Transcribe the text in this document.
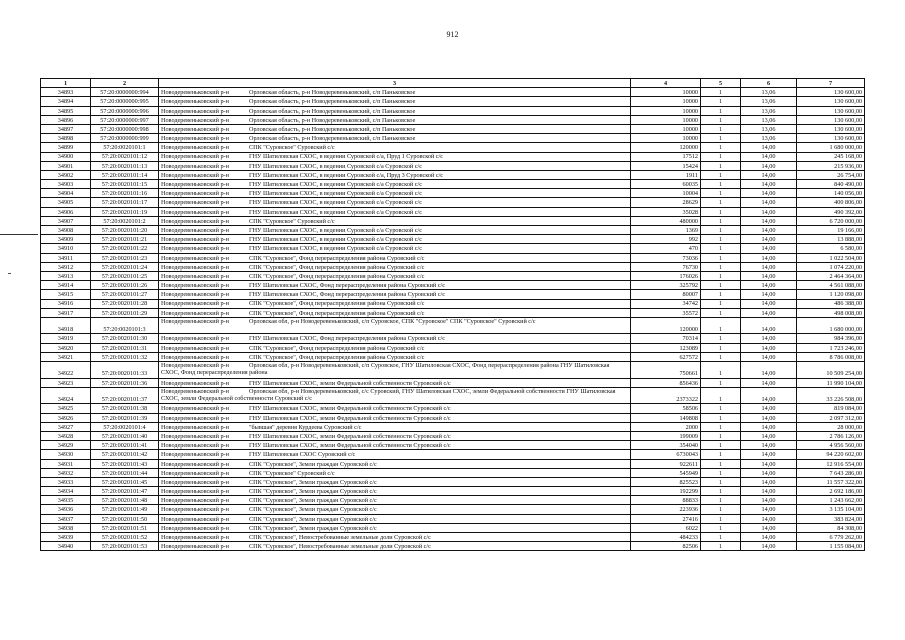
912
1	2	3	4	5	6	7
34893	57:20:0000000:994	Новодеревеньковский р-н Орловская область, р-н Новодеревеньковский, с/п Паньковское	10000	1	13,06	130 600,00
34894	57:20:0000000:995	Новодеревеньковский р-н Орловская область, р-н Новодеревеньковский, с/п Паньковское	10000	1	13,06	130 600,00
34895	57:20:0000000:996	Новодеревеньковский р-н Орловская область, р-н Новодеревеньковский, с/п Паньковское	10000	1	13,06	130 600,00
34896	57:20:0000000:997	Новодеревеньковский р-н Орловская область, р-н Новодеревеньковский, с/п Паньковское	10000	1	13,06	130 600,00
34897	57:20:0000000:998	Новодеревеньковский р-н Орловская область, р-н Новодеревеньковский, с/п Паньковское	10000	1	13,06	130 600,00
34898	57:20:0000000:999	Новодеревеньковский р-н Орловская область, р-н Новодеревеньковский, с/п Паньковское	10000	1	13,06	130 600,00
34899	57:20:0020101:1	Новодеревеньковский р-н СПК "Суровское" Суровский с/с	120000	1	14,00	1 680 000,00
34900	57:20:0020101:12	Новодеревеньковский р-н ГНУ Шатиловская СХОС, в ведении Суровской с/а, Пруд 1 Суровской с/с	17512	1	14,00	245 168,00
34901	57:20:0020101:13	Новодеревеньковский р-н ГНУ Шатиловская СХОС, в ведении Суровской с/а Суровской с/с	15424	1	14,00	215 936,00
34902	57:20:0020101:14	Новодеревеньковский р-н ГНУ Шатиловская СХОС, в ведении Суровской с/а, Пруд 3 Суровской с/с	1911	1	14,00	26 754,00
34903	57:20:0020101:15	Новодеревеньковский р-н ГНУ Шатиловская СХОС, в ведении Суровской с/а Суровской с/с	60035	1	14,00	840 490,00
34904	57:20:0020101:16	Новодеревеньковский р-н ГНУ Шатиловская СХОС, в ведении Суровской с/а Суровской с/с	10004	1	14,00	140 056,00
34905	57:20:0020101:17	Новодеревеньковский р-н ГНУ Шатиловская СХОС, в ведении Суровской с/а Суровской с/с	28629	1	14,00	400 806,00
34906	57:20:0020101:19	Новодеревеньковский р-н ГНУ Шатиловская СХОС, в ведении Суровской с/а Суровской с/с	35028	1	14,00	490 392,00
34907	57:20:0020101:2	Новодеревеньковский р-н СПК "Суровское" Суровский с/с	480000	1	14,00	6 720 000,00
34908	57:20:0020101:20	Новодеревеньковский р-н ГНУ Шатиловская СХОС, в ведении Суровской с/а Суровской с/с	1369	1	14,00	19 166,00
34909	57:20:0020101:21	Новодеревеньковский р-н ГНУ Шатиловская СХОС, в ведении Суровской с/а Суровской с/с	992	1	14,00	13 888,00
34910	57:20:0020101:22	Новодеревеньковский р-н ГНУ Шатиловская СХОС, в ведении Суровской с/а Суровской с/с	470	1	14,00	6 580,00
34911	57:20:0020101:23	Новодеревеньковский р-н СПК "Суровское", Фонд перераспределения района Суровский с/с	73036	1	14,00	1 022 504,00
34912	57:20:0020101:24	Новодеревеньковский р-н СПК "Суровское", Фонд перераспределения района Суровский с/с	76730	1	14,00	1 074 220,00
34913	57:20:0020101:25	Новодеревеньковский р-н СПК "Суровское", Фонд перераспределения района Суровский с/с	176026	1	14,00	2 464 364,00
34914	57:20:0020101:26	Новодеревеньковский р-н ГНУ Шатиловская СХОС, Фонд перераспределения района Суровский с/с	325792	1	14,00	4 561 088,00
34915	57:20:0020101:27	Новодеревеньковский р-н ГНУ Шатиловская СХОС, Фонд перераспределения района Суровский с/с	80007	1	14,00	1 120 098,00
34916	57:20:0020101:28	Новодеревеньковский р-н СПК "Суровское", Фонд перераспределения района Суровский с/с	34742	1	14,00	486 388,00
34917	57:20:0020101:29	Новодеревеньковский р-н СПК "Суровское", Фонд перераспределения района Суровский с/с	35572	1	14,00	498 008,00
34918	57:20:0020101:3	Новодеревеньковский р-н Орловская обл, р-н Новодеревеньковский, с/п Суровское, СПК "Суровское" СПК "Суровское" Суровский с/с	120000	1	14,00	1 680 000,00
34919	57:20:0020101:30	Новодеревеньковский р-н ГНУ Шатиловская СХОС, Фонд перераспределения района Суровский с/с	70314	1	14,00	984 396,00
34920	57:20:0020101:31	Новодеревеньковский р-н СПК "Суровское", Фонд перераспределения района Суровский с/с	123089	1	14,00	1 723 246,00
34921	57:20:0020101:32	Новодеревеньковский р-н СПК "Суровское", Фонд перераспределения района Суровский с/с	627572	1	14,00	8 786 008,00
34922	57:20:0020101:33	Новодеревеньковский р-н Орловская обл, р-н Новодеревеньковский, с/п Суровское, ГНУ Шатиловская СХОС, Фонд перераспределения района ГНУ Шатиловская СХОС, Фонд перераспределения района	750661	1	14,00	10 509 254,00
34923	57:20:0020101:36	Новодеревеньковский р-н ГНУ Шатиловская СХОС, земли Федеральной собственности Суровский с/с	856436	1	14,00	11 990 104,00
34924	57:20:0020101:37	Новодеревеньковский р-н Орловская обл, р-н Новодеревеньковский, с/с Суровский, ГНУ Шатиловская СХОС, земли Федеральной собственности ГНУ Шатиловская СХОС, земли Федеральной собственности Суровский с/с	2373322	1	14,00	33 226 508,00
34925	57:20:0020101:38	Новодеревеньковский р-н ГНУ Шатиловская СХОС, земли Федеральной собственности Суровский с/с	58506	1	14,00	819 084,00
34926	57:20:0020101:39	Новодеревеньковский р-н ГНУ Шатиловская СХОС, земли Федеральной собственности Суровский с/с	149808	1	14,00	2 097 312,00
34927	57:20:0020101:4	Новодеревеньковский р-н "бывшая" деревня Курдеева Суровский с/с	2000	1	14,00	28 000,00
34928	57:20:0020101:40	Новодеревеньковский р-н ГНУ Шатиловская СХОС, земли Федеральной собственности Суровский с/с	199009	1	14,00	2 786 126,00
34929	57:20:0020101:41	Новодеревеньковский р-н ГНУ Шатиловская СХОС, земли Федеральной собственности Суровский с/с	354040	1	14,00	4 956 560,00
34930	57:20:0020101:42	Новодеревеньковский р-н ГНУ Шатиловская СХОС Суровский с/с	6730043	1	14,00	94 220 602,00
34931	57:20:0020101:43	Новодеревеньковский р-н СПК "Суровское", Земли граждан Суровской с/с	922611	1	14,00	12 916 554,00
34932	57:20:0020101:44	Новодеревеньковский р-н СПК "Суровское" Суровский с/с	545949	1	14,00	7 643 286,00
34933	57:20:0020101:45	Новодеревеньковский р-н СПК "Суровское", Земли граждан Суровской с/с	825523	1	14,00	11 557 322,00
34934	57:20:0020101:47	Новодеревеньковский р-н СПК "Суровское", Земли граждан Суровской с/с	192299	1	14,00	2 692 186,00
34935	57:20:0020101:48	Новодеревеньковский р-н СПК "Суровское", Земли граждан Суровской с/с	88833	1	14,00	1 243 662,00
34936	57:20:0020101:49	Новодеревеньковский р-н СПК "Суровское", Земли граждан Суровской с/с	223936	1	14,00	3 135 104,00
34937	57:20:0020101:50	Новодеревеньковский р-н СПК "Суровское", Земли граждан Суровской с/с	27416	1	14,00	383 824,00
34938	57:20:0020101:51	Новодеревеньковский р-н СПК "Суровское", Земли граждан Суровской с/с	6022	1	14,00	84 308,00
34939	57:20:0020101:52	Новодеревеньковский р-н СПК "Суровское", Невостребованные земельные доли Суровской с/с	484233	1	14,00	6 779 262,00
34940	57:20:0020101:53	Новодеревеньковский р-н СПК "Суровское", Невостребованные земельные доли Суровской с/с	82506	1	14,00	1 155 084,00
